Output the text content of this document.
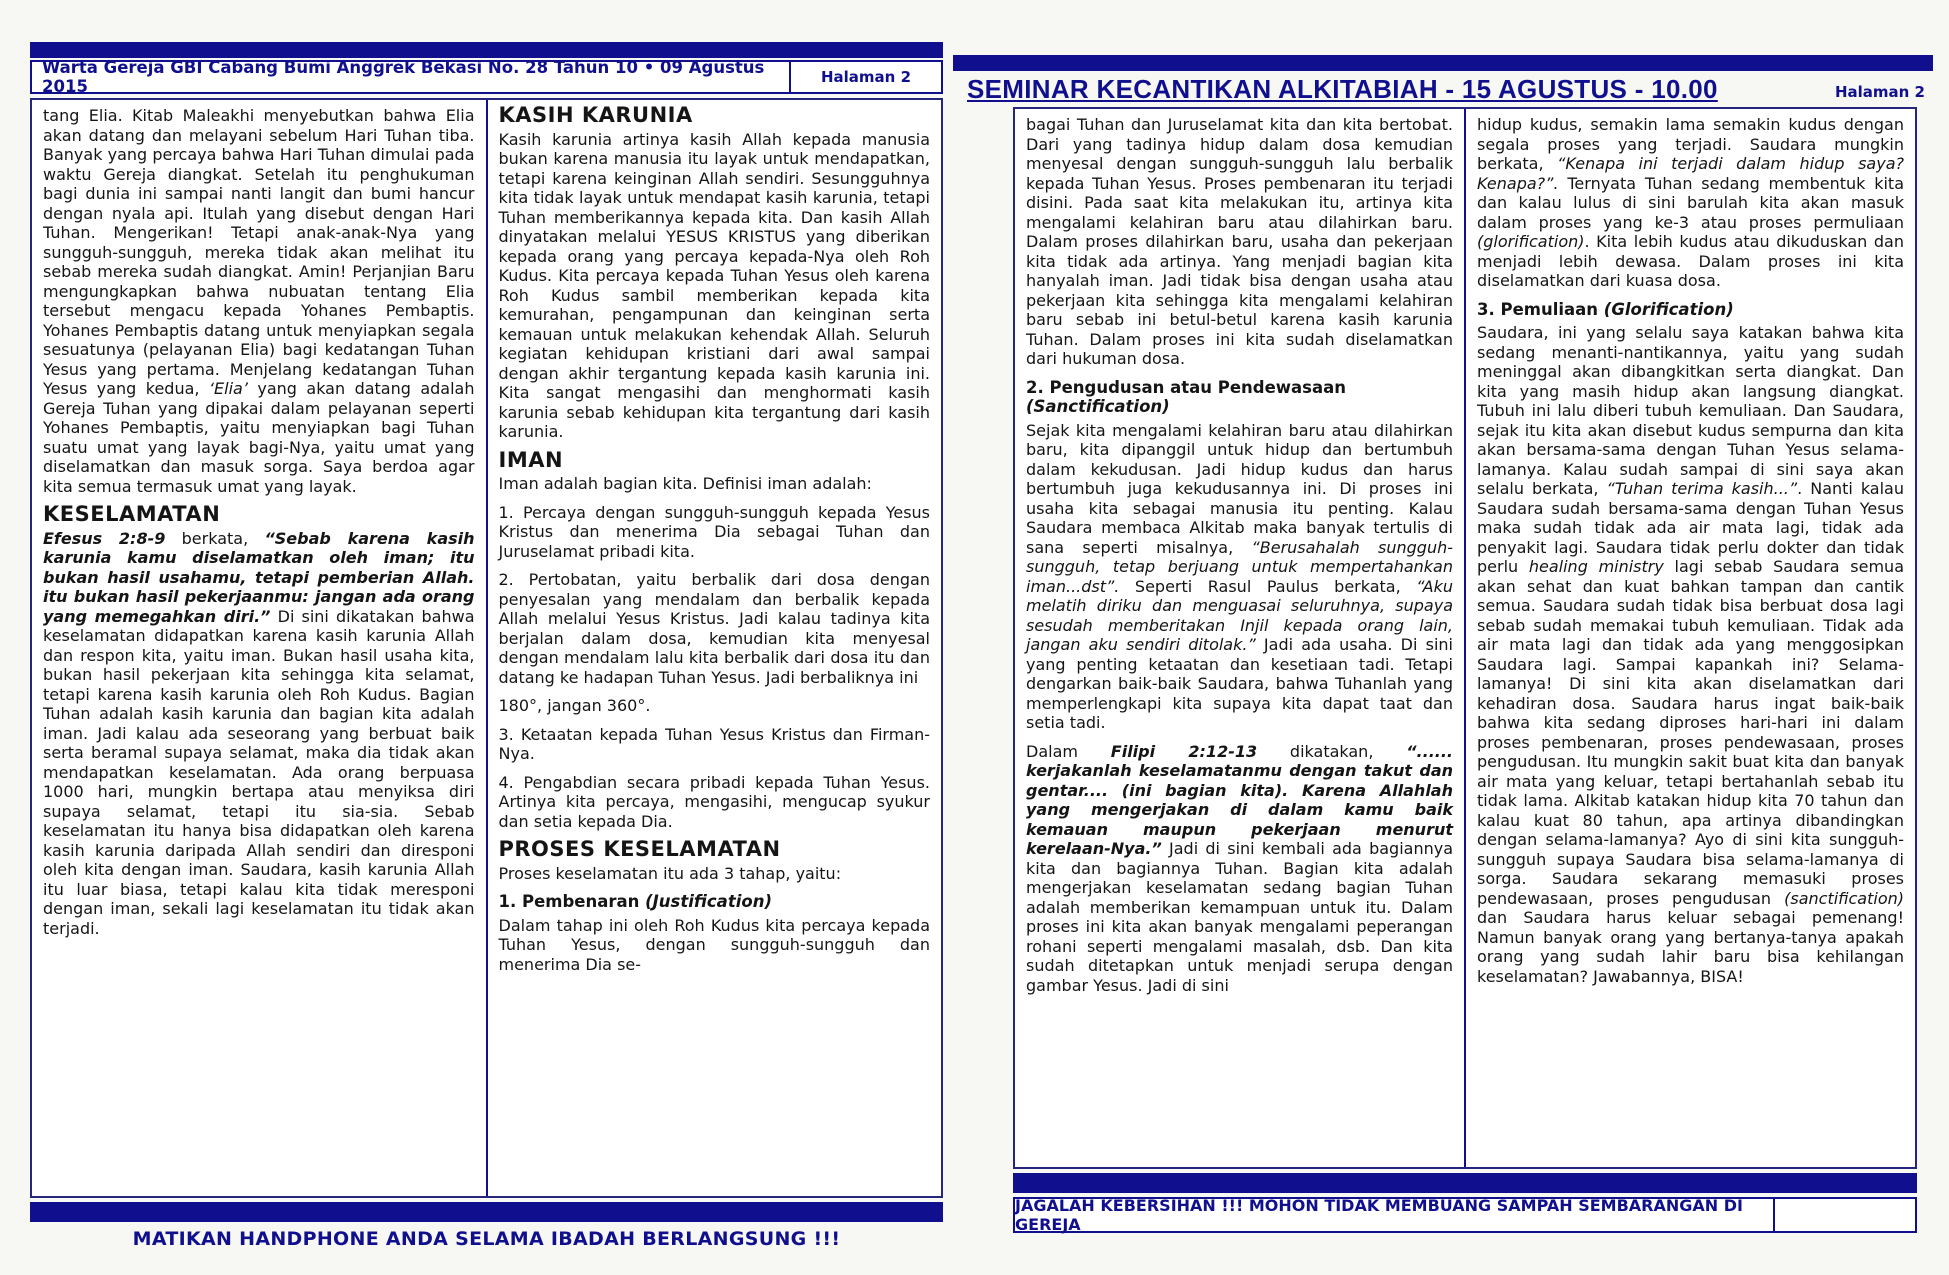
Warta Gereja GBI Cabang Bumi Anggrek Bekasi No. 28 Tahun 10 • 09 Agustus 2015	Halaman 2
tang Elia. Kitab Maleakhi menyebutkan bahwa Elia akan datang dan melayani sebelum Hari Tuhan tiba. Banyak yang percaya bahwa Hari Tuhan dimulai pada waktu Gereja diangkat. Setelah itu penghukuman bagi dunia ini sampai nanti langit dan bumi hancur dengan nyala api. Itulah yang disebut dengan Hari Tuhan. Mengerikan! Tetapi anak-anak-Nya yang sungguh-sungguh, mereka tidak akan melihat itu sebab mereka sudah diangkat. Amin! Perjanjian Baru mengungkapkan bahwa nubuatan tentang Elia tersebut mengacu kepada Yohanes Pembaptis. Yohanes Pembaptis datang untuk menyiapkan segala sesuatunya (pelayanan Elia) bagi kedatangan Tuhan Yesus yang pertama. Menjelang kedatangan Tuhan Yesus yang kedua, ‘Elia’ yang akan datang adalah Gereja Tuhan yang dipakai dalam pelayanan seperti Yohanes Pembaptis, yaitu menyiapkan bagi Tuhan suatu umat yang layak bagi-Nya, yaitu umat yang diselamatkan dan masuk sorga. Saya berdoa agar kita semua termasuk umat yang layak.
KESELAMATAN
Efesus 2:8-9 berkata, “Sebab karena kasih karunia kamu diselamatkan oleh iman; itu bukan hasil usahamu, tetapi pemberian Allah. itu bukan hasil pekerjaanmu: jangan ada orang yang memegahkan diri.” Di sini dikatakan bahwa keselamatan didapatkan karena kasih karunia Allah dan respon kita, yaitu iman. Bukan hasil usaha kita, bukan hasil pekerjaan kita sehingga kita selamat, tetapi karena kasih karunia oleh Roh Kudus. Bagian Tuhan adalah kasih karunia dan bagian kita adalah iman. Jadi kalau ada seseorang yang berbuat baik serta beramal supaya selamat, maka dia tidak akan mendapatkan keselamatan. Ada orang berpuasa 1000 hari, mungkin bertapa atau menyiksa diri supaya selamat, tetapi itu sia-sia. Sebab keselamatan itu hanya bisa didapatkan oleh karena kasih karunia daripada Allah sendiri dan diresponi oleh kita dengan iman. Saudara, kasih karunia Allah itu luar biasa, tetapi kalau kita tidak meresponi dengan iman, sekali lagi keselamatan itu tidak akan terjadi.
KASIH KARUNIA
Kasih karunia artinya kasih Allah kepada manusia bukan karena manusia itu layak untuk mendapatkan, tetapi karena keinginan Allah sendiri. Sesungguhnya kita tidak layak untuk mendapat kasih karunia, tetapi Tuhan memberikannya kepada kita. Dan kasih Allah dinyatakan melalui YESUS KRISTUS yang diberikan kepada orang yang percaya kepada-Nya oleh Roh Kudus. Kita percaya kepada Tuhan Yesus oleh karena Roh Kudus sambil memberikan kepada kita kemurahan, pengampunan dan keinginan serta kemauan untuk melakukan kehendak Allah. Seluruh kegiatan kehidupan kristiani dari awal sampai dengan akhir tergantung kepada kasih karunia ini. Kita sangat mengasihi dan menghormati kasih karunia sebab kehidupan kita tergantung dari kasih karunia.
IMAN
Iman adalah bagian kita. Definisi iman adalah:
1. Percaya dengan sungguh-sungguh kepada Yesus Kristus dan menerima Dia sebagai Tuhan dan Juruselamat pribadi kita.
2. Pertobatan, yaitu berbalik dari dosa dengan penyesalan yang mendalam dan berbalik kepada Allah melalui Yesus Kristus. Jadi kalau tadinya kita berjalan dalam dosa, kemudian kita menyesal dengan mendalam lalu kita berbalik dari dosa itu dan datang ke hadapan Tuhan Yesus. Jadi berbaliknya ini
180°, jangan 360°.
3. Ketaatan kepada Tuhan Yesus Kristus dan Firman-Nya.
4. Pengabdian secara pribadi kepada Tuhan Yesus. Artinya kita percaya, mengasihi, mengucap syukur dan setia kepada Dia.
PROSES KESELAMATAN
Proses keselamatan itu ada 3 tahap, yaitu:
1. Pembenaran (Justification)
Dalam tahap ini oleh Roh Kudus kita percaya kepada Tuhan Yesus, dengan sungguh-sungguh dan menerima Dia se-
MATIKAN HANDPHONE ANDA SELAMA IBADAH BERLANGSUNG !!!
SEMINAR KECANTIKAN ALKITABIAH - 15 AGUSTUS - 10.00	Halaman 2
bagai Tuhan dan Juruselamat kita dan kita bertobat. Dari yang tadinya hidup dalam dosa kemudian menyesal dengan sungguh-sungguh lalu berbalik kepada Tuhan Yesus. Proses pembenaran itu terjadi disini. Pada saat kita melakukan itu, artinya kita mengalami kelahiran baru atau dilahirkan baru. Dalam proses dilahirkan baru, usaha dan pekerjaan kita tidak ada artinya. Yang menjadi bagian kita hanyalah iman. Jadi tidak bisa dengan usaha atau pekerjaan kita sehingga kita mengalami kelahiran baru sebab ini betul-betul karena kasih karunia Tuhan. Dalam proses ini kita sudah diselamatkan dari hukuman dosa.
2. Pengudusan atau Pendewasaan
(Sanctification)
Sejak kita mengalami kelahiran baru atau dilahirkan baru, kita dipanggil untuk hidup dan bertumbuh dalam kekudusan. Jadi hidup kudus dan harus bertumbuh juga kekudusannya ini. Di proses ini usaha kita sebagai manusia itu penting. Kalau Saudara membaca Alkitab maka banyak tertulis di sana seperti misalnya, “Berusahalah sungguh-sungguh, tetap berjuang untuk mempertahankan iman...dst”. Seperti Rasul Paulus berkata, “Aku melatih diriku dan menguasai seluruhnya, supaya sesudah memberitakan Injil kepada orang lain, jangan aku sendiri ditolak.” Jadi ada usaha. Di sini yang penting ketaatan dan kesetiaan tadi. Tetapi dengarkan baik-baik Saudara, bahwa Tuhanlah yang memperlengkapi kita supaya kita dapat taat dan setia tadi.
Dalam Filipi 2:12-13 dikatakan, “...... kerjakanlah keselamatanmu dengan takut dan gentar.... (ini bagian kita). Karena Allahlah yang mengerjakan di dalam kamu baik kemauan maupun pekerjaan menurut kerelaan-Nya.” Jadi di sini kembali ada bagiannya kita dan bagiannya Tuhan. Bagian kita adalah mengerjakan keselamatan sedang bagian Tuhan adalah memberikan kemampuan untuk itu. Dalam proses ini kita akan banyak mengalami peperangan rohani seperti mengalami masalah, dsb. Dan kita sudah ditetapkan untuk menjadi serupa dengan gambar Yesus. Jadi di sini
hidup kudus, semakin lama semakin kudus dengan segala proses yang terjadi. Saudara mungkin berkata, “Kenapa ini terjadi dalam hidup saya? Kenapa?”. Ternyata Tuhan sedang membentuk kita dan kalau lulus di sini barulah kita akan masuk dalam proses yang ke-3 atau proses permuliaan (glorification). Kita lebih kudus atau dikuduskan dan menjadi lebih dewasa. Dalam proses ini kita diselamatkan dari kuasa dosa.
3. Pemuliaan (Glorification)
Saudara, ini yang selalu saya katakan bahwa kita sedang menanti-nantikannya, yaitu yang sudah meninggal akan dibangkitkan serta diangkat. Dan kita yang masih hidup akan langsung diangkat. Tubuh ini lalu diberi tubuh kemuliaan. Dan Saudara, sejak itu kita akan disebut kudus sempurna dan kita akan bersama-sama dengan Tuhan Yesus selama-lamanya. Kalau sudah sampai di sini saya akan selalu berkata, “Tuhan terima kasih...”. Nanti kalau Saudara sudah bersama-sama dengan Tuhan Yesus maka sudah tidak ada air mata lagi, tidak ada penyakit lagi. Saudara tidak perlu dokter dan tidak perlu healing ministry lagi sebab Saudara semua akan sehat dan kuat bahkan tampan dan cantik semua. Saudara sudah tidak bisa berbuat dosa lagi sebab sudah memakai tubuh kemuliaan. Tidak ada air mata lagi dan tidak ada yang menggosipkan Saudara lagi. Sampai kapankah ini? Selama-lamanya! Di sini kita akan diselamatkan dari kehadiran dosa. Saudara harus ingat baik-baik bahwa kita sedang diproses hari-hari ini dalam proses pembenaran, proses pendewasaan, proses pengudusan. Itu mungkin sakit buat kita dan banyak air mata yang keluar, tetapi bertahanlah sebab itu tidak lama. Alkitab katakan hidup kita 70 tahun dan kalau kuat 80 tahun, apa artinya dibandingkan dengan selama-lamanya? Ayo di sini kita sungguh-sungguh supaya Saudara bisa selama-lamanya di sorga. Saudara sekarang memasuki proses pendewasaan, proses pengudusan (sanctification) dan Saudara harus keluar sebagai pemenang! Namun banyak orang yang bertanya-tanya apakah orang yang sudah lahir baru bisa kehilangan keselamatan? Jawabannya, BISA!
JAGALAH KEBERSIHAN !!! MOHON TIDAK MEMBUANG SAMPAH SEMBARANGAN DI GEREJA
